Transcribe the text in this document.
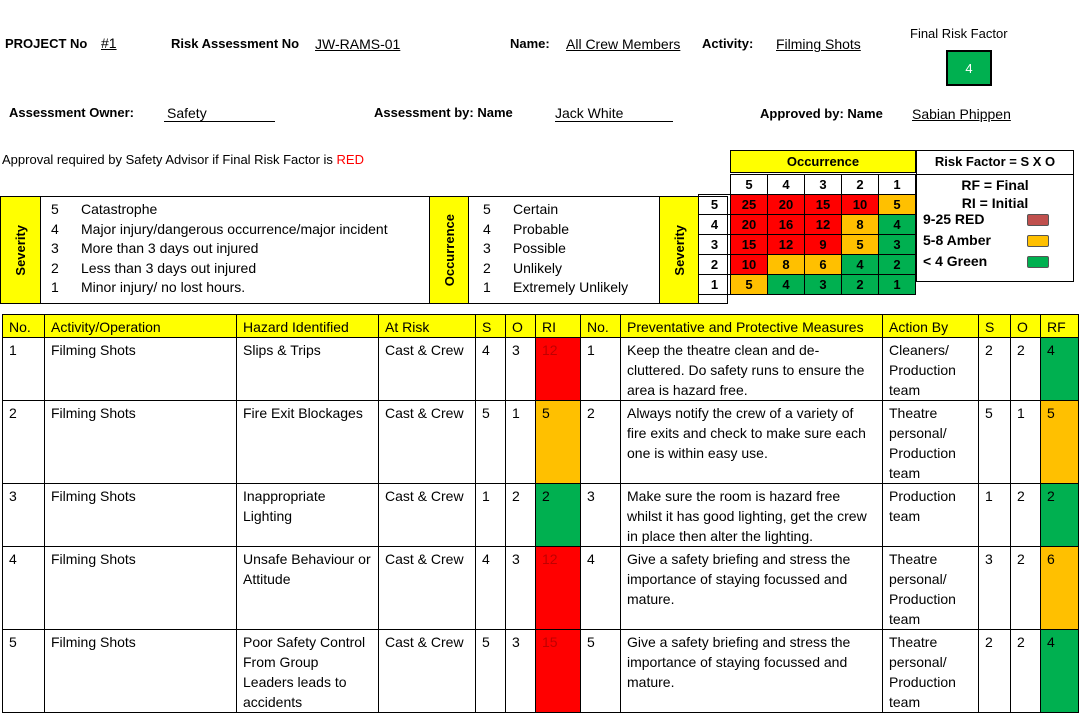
PROJECT No #1	Risk Assessment No JW-RAMS-01	Name: All Crew Members Activity: Filming Shots
Final Risk Factor
4
Assessment Owner: Safety	Assessment by: Name	Jack White	Approved by: Name Sabian Phippen
Approval required by Safety Advisor if Final Risk Factor is RED
Severity
5 Catastrophe
4 Major injury/dangerous occurrence/major incident
3 More than 3 days out injured
2 Less than 3 days out injured
1 Minor injury/ no lost hours.
Occurrence
5 Certain
4 Probable
3 Possible
2 Unlikely
1 Extremely Unlikely
Severity
Occurrence
	5	4	3	2	1
5	25	20	15	10	5
4	20	16	12	8	4
3	15	12	9	5	3
2	10	8	6	4	2
1	5	4	3	2	1
Risk Factor = S X O
RF = Final
RI = Initial
9-25 RED
5-8 Amber
< 4 Green
No.	Activity/Operation	Hazard Identified	At Risk	S	O	RI	No.	Preventative and Protective Measures	Action By	S	O	RF
1	Filming Shots	Slips & Trips	Cast & Crew	4	3	12	1	Keep the theatre clean and de-cluttered. Do safety runs to ensure the area is hazard free.	Cleaners/ Production team	2	2	4
2	Filming Shots	Fire Exit Blockages	Cast & Crew	5	1	5	2	Always notify the crew of a variety of fire exits and check to make sure each one is within easy use.	Theatre personal/ Production team	5	1	5
3	Filming Shots	Inappropriate Lighting	Cast & Crew	1	2	2	3	Make sure the room is hazard free whilst it has good lighting, get the crew in place then alter the lighting.	Production team	1	2	2
4	Filming Shots	Unsafe Behaviour or Attitude	Cast & Crew	4	3	12	4	Give a safety briefing and stress the importance of staying focussed and mature.	Theatre personal/ Production team	3	2	6
5	Filming Shots	Poor Safety Control From Group Leaders leads to accidents	Cast & Crew	5	3	15	5	Give a safety briefing and stress the importance of staying focussed and mature.	Theatre personal/ Production team	2	2	4
